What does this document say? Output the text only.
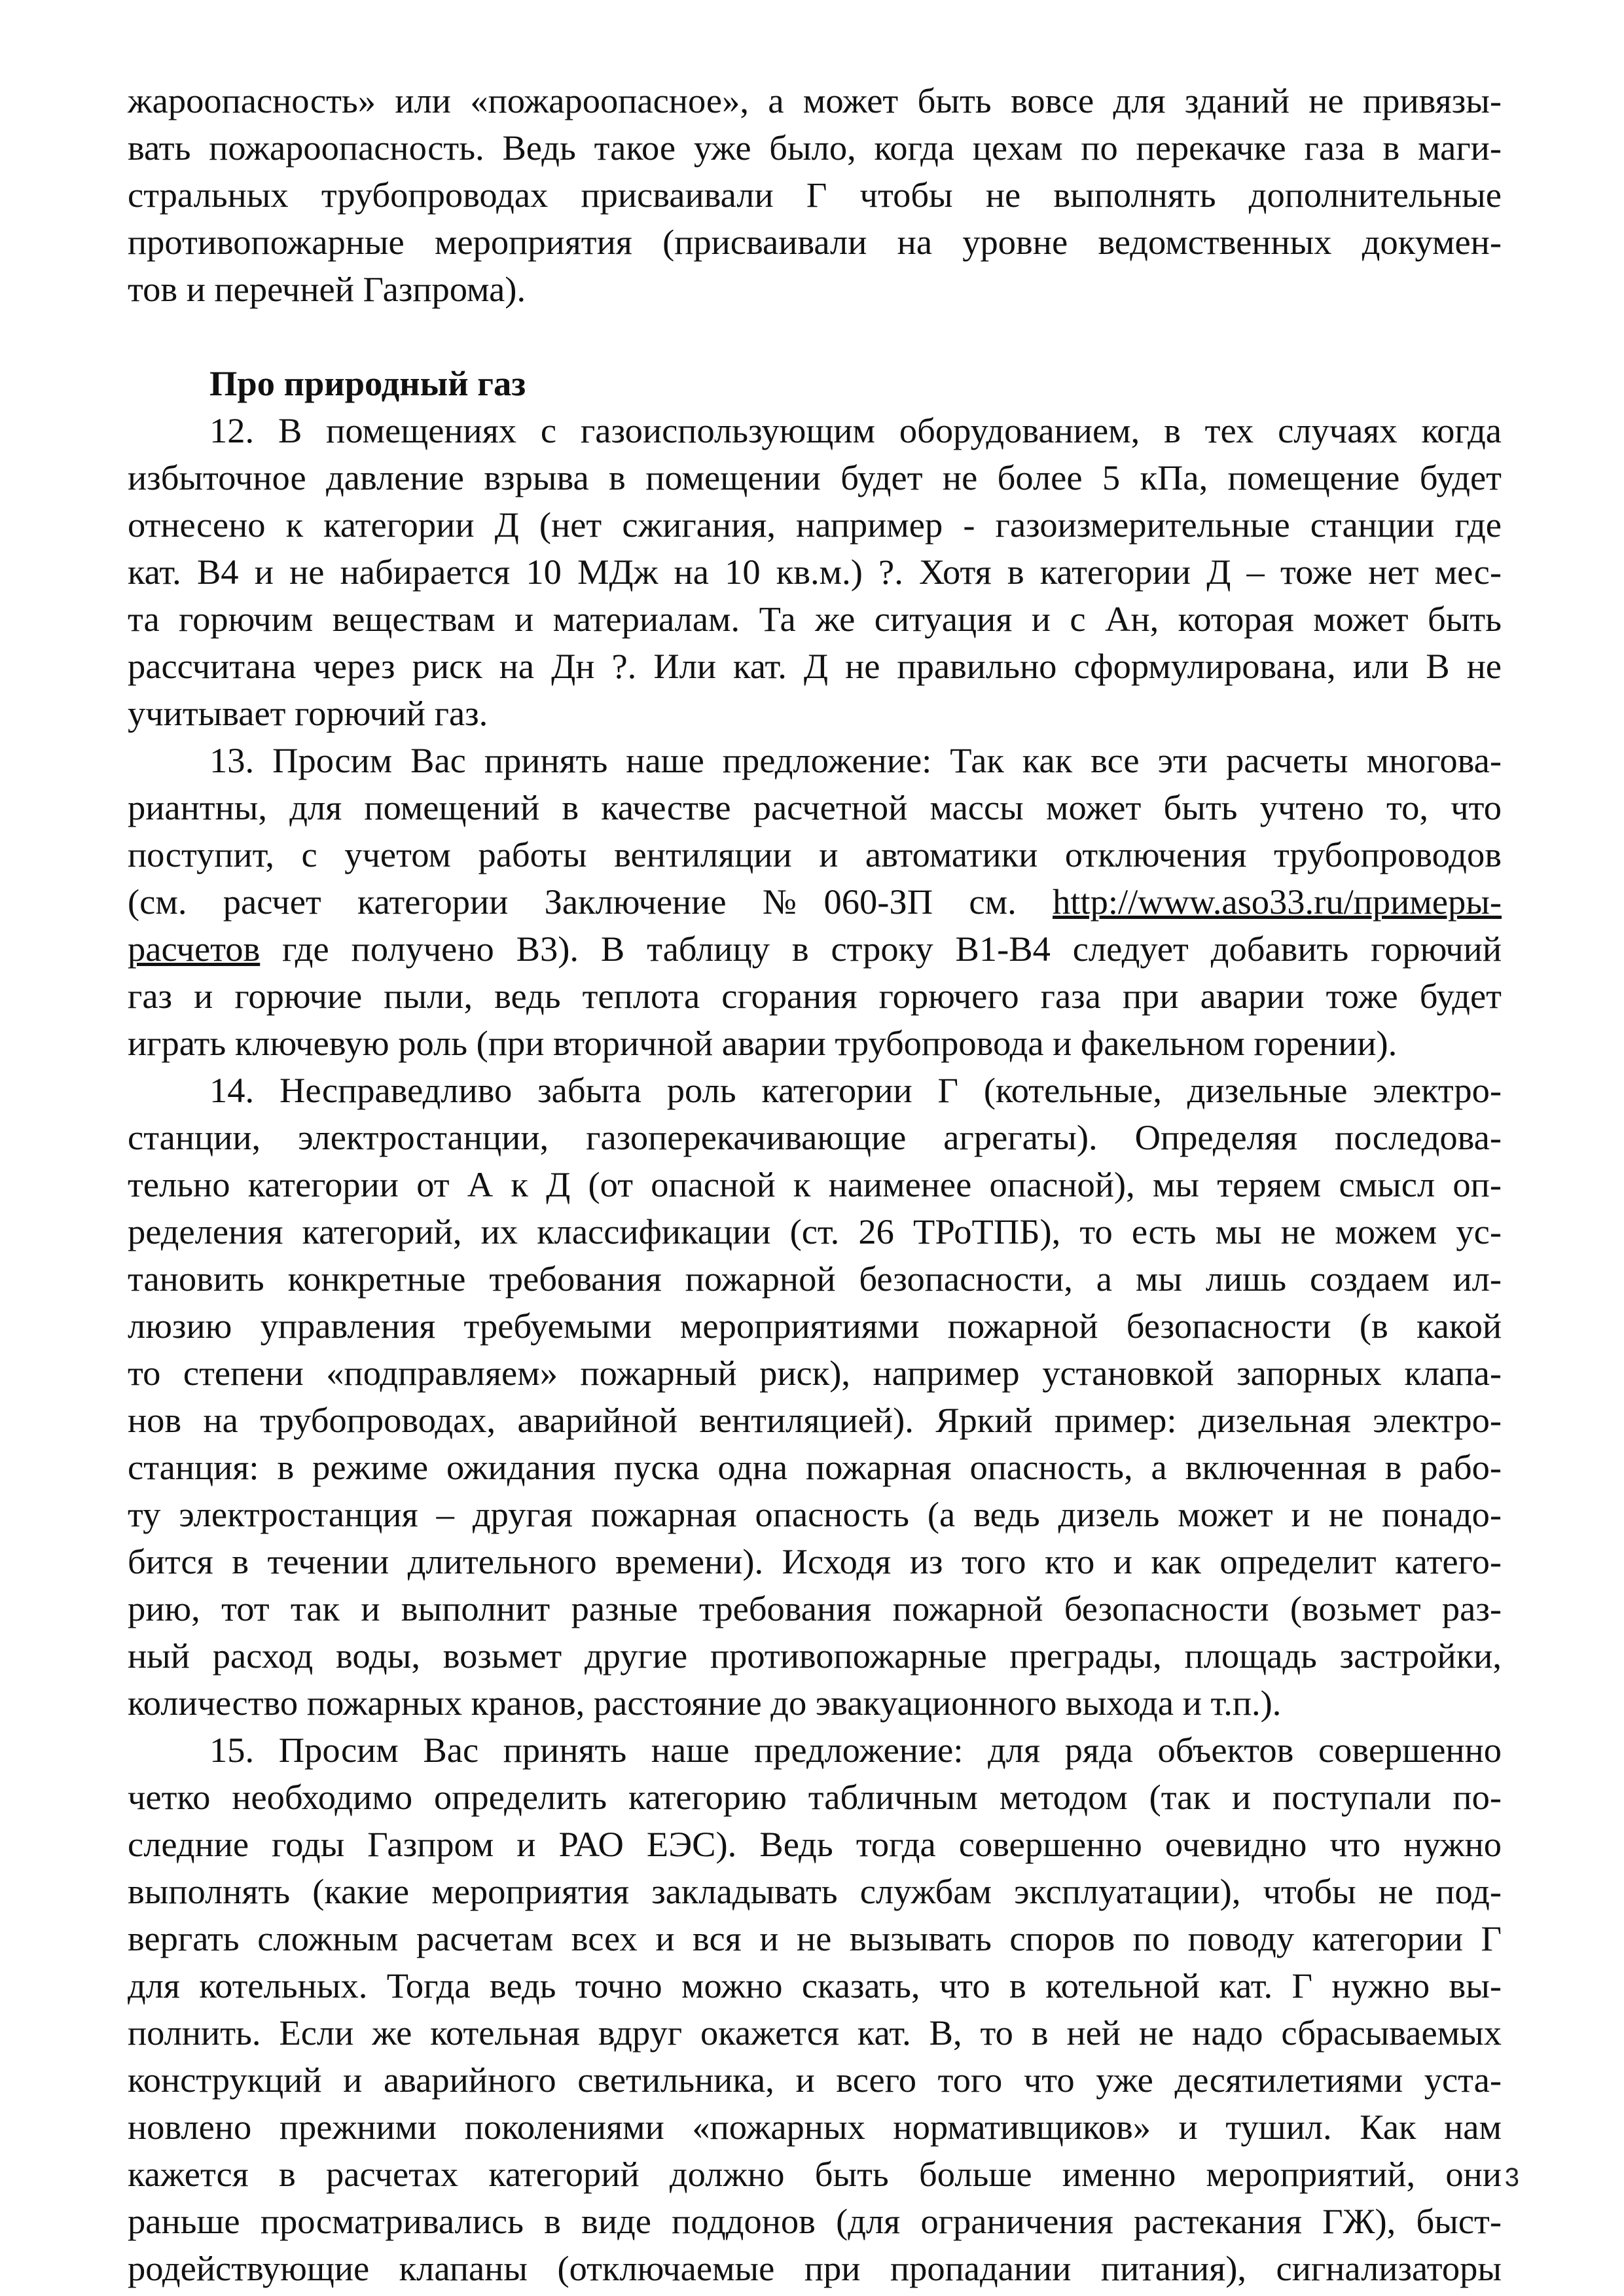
жароопасность» или «пожароопасное», а может быть вовсе для зданий не привязы-

вать пожароопасность. Ведь такое уже было, когда цехам по перекачке газа в маги-

стральных трубопроводах присваивали Г чтобы не выполнять дополнительные

противопожарные мероприятия (присваивали на уровне ведомственных докумен-

тов и перечней Газпрома).

Про природный газ

12. В помещениях с газоиспользующим оборудованием, в тех случаях когда

избыточное давление взрыва в помещении будет не более 5 кПа, помещение будет

отнесено к категории Д (нет сжигания, например - газоизмерительные станции где

кат. В4 и не набирается 10 МДж на 10 кв.м.) ?. Хотя в категории Д – тоже нет мес-

та горючим веществам и материалам. Та же ситуация и с Ан, которая может быть

рассчитана через риск на Дн ?. Или кат. Д не правильно сформулирована, или В не

учитывает горючий газ.

13. Просим Вас принять наше предложение: Так как все эти расчеты многова-

риантны, для помещений в качестве расчетной массы может быть учтено то, что

поступит, с учетом работы вентиляции и автоматики отключения трубопроводов

(см. расчет категории Заключение №060-ЗП см. http://www.aso33.ru/примеры-

расчетов где получено В3). В таблицу в строку В1-В4 следует добавить горючий

газ и горючие пыли, ведь теплота сгорания горючего газа при аварии тоже будет

играть ключевую роль (при вторичной аварии трубопровода и факельном горении).

14. Несправедливо забыта роль категории Г (котельные, дизельные электро-

станции, электростанции, газоперекачивающие агрегаты). Определяя последова-

тельно категории от А к Д (от опасной к наименее опасной), мы теряем смысл оп-

ределения категорий, их классификации (ст. 26 ТРоТПБ), то есть мы не можем ус-

тановить конкретные требования пожарной безопасности, а мы лишь создаем ил-

люзию управления требуемыми мероприятиями пожарной безопасности (в какой

то степени «подправляем» пожарный риск), например установкой запорных клапа-

нов на трубопроводах, аварийной вентиляцией). Яркий пример: дизельная электро-

станция: в режиме ожидания пуска одна пожарная опасность, а включенная в рабо-

ту электростанция – другая пожарная опасность (а ведь дизель может и не понадо-

бится в течении длительного времени). Исходя из того кто и как определит катего-

рию, тот так и выполнит разные требования пожарной безопасности (возьмет раз-

ный расход воды, возьмет другие противопожарные преграды, площадь застройки,

количество пожарных кранов, расстояние до эвакуационного выхода и т.п.).

15. Просим Вас принять наше предложение: для ряда объектов совершенно

четко необходимо определить категорию табличным методом (так и поступали по-

следние годы Газпром и РАО ЕЭС). Ведь тогда совершенно очевидно что нужно

выполнять (какие мероприятия закладывать службам эксплуатации), чтобы не под-

вергать сложным расчетам всех и вся и не вызывать споров по поводу категории Г

для котельных. Тогда ведь точно можно сказать, что в котельной кат. Г нужно вы-

полнить. Если же котельная вдруг окажется кат. В, то в ней не надо сбрасываемых

конструкций и аварийного светильника, и всего того что уже десятилетиями уста-

новлено прежними поколениями «пожарных нормативщиков» и тушил. Как нам

кажется в расчетах категорий должно быть больше именно мероприятий, они

раньше просматривались в виде поддонов (для ограничения растекания ГЖ), быст-

родействующие клапаны (отключаемые при пропадании питания), сигнализаторы

3
